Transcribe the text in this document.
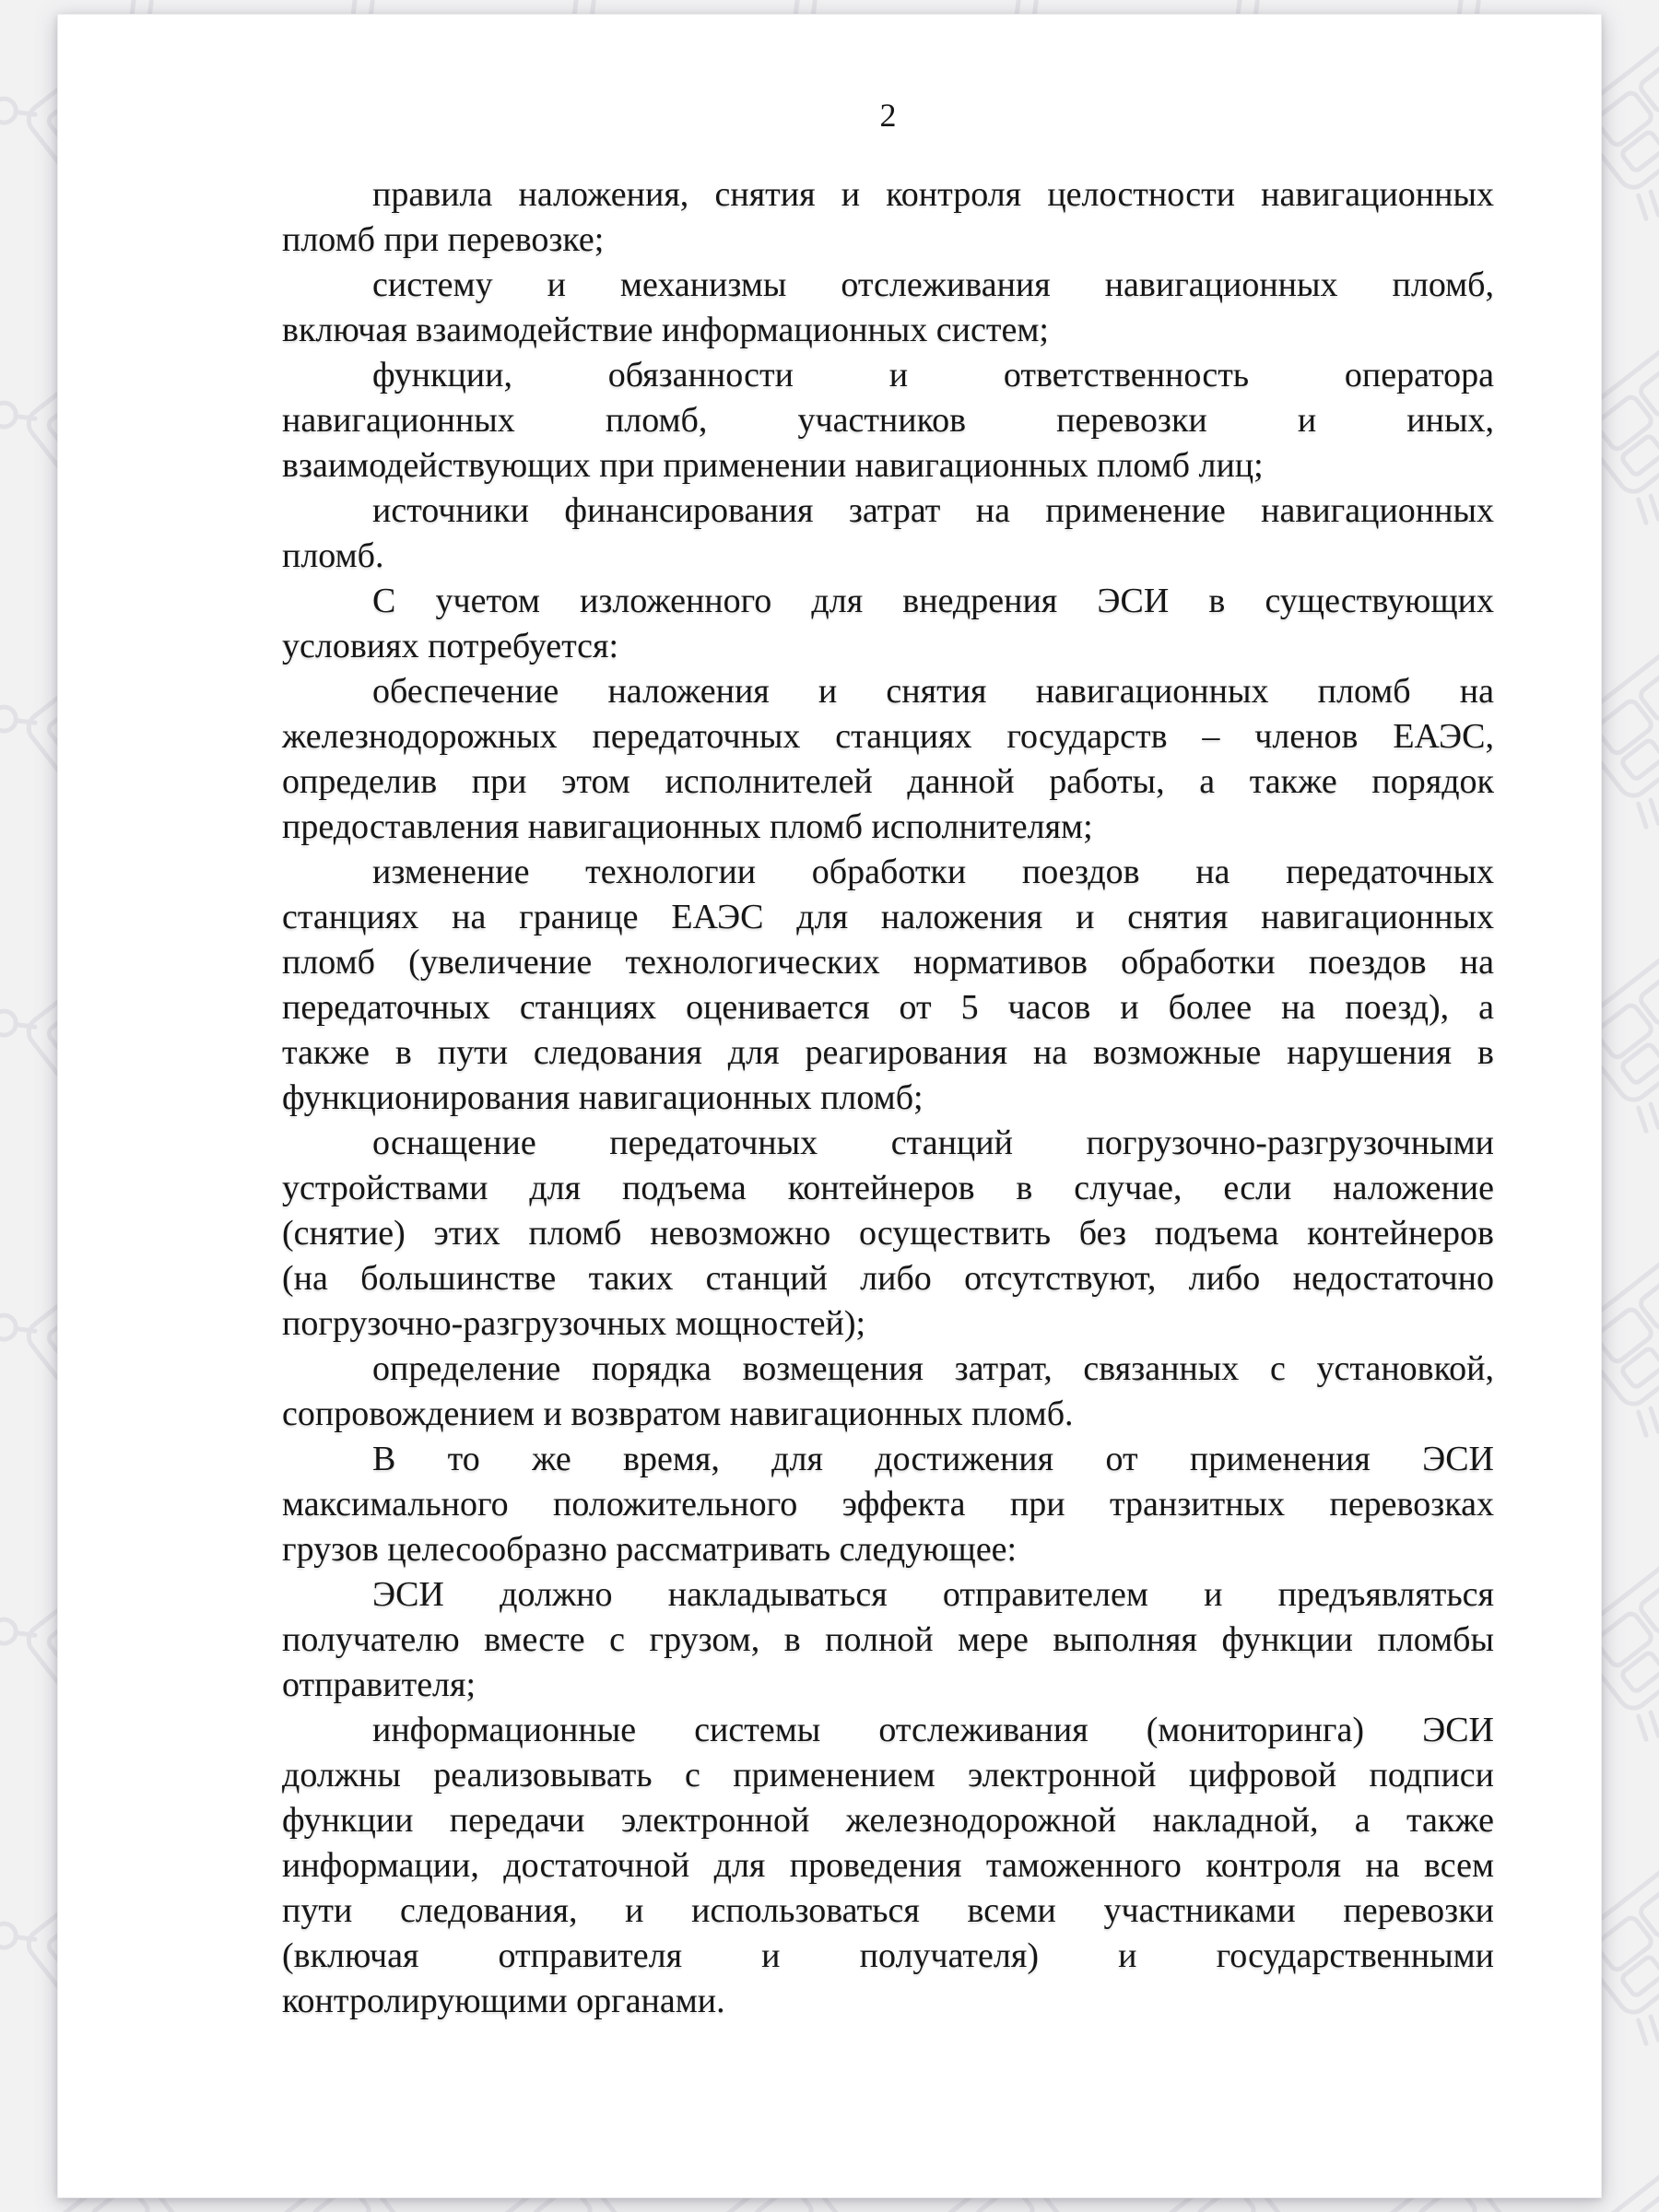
2

правила наложения, снятия и контроля целостности навигационных
пломб при перевозке;

систему и механизмы отслеживания навигационных пломб,
включая взаимодействие информационных систем;

функции, обязанности и ответственность оператора
навигационных пломб, участников перевозки и иных,
взаимодействующих при применении навигационных пломб лиц;

источники финансирования затрат на применение навигационных
пломб.

С учетом изложенного для внедрения ЭСИ в существующих
условиях потребуется:

обеспечение наложения и снятия навигационных пломб на
железнодорожных передаточных станциях государств – членов ЕАЭС,
определив при этом исполнителей данной работы, а также порядок
предоставления навигационных пломб исполнителям;

изменение технологии обработки поездов на передаточных
станциях на границе ЕАЭС для наложения и снятия навигационных
пломб (увеличение технологических нормативов обработки поездов на
передаточных станциях оценивается от 5 часов и более на поезд), а
также в пути следования для реагирования на возможные нарушения в
функционирования навигационных пломб;

оснащение передаточных станций погрузочно-разгрузочными
устройствами для подъема контейнеров в случае, если наложение
(снятие) этих пломб невозможно осуществить без подъема контейнеров
(на большинстве таких станций либо отсутствуют, либо недостаточно
погрузочно-разгрузочных мощностей);

определение порядка возмещения затрат, связанных с установкой,
сопровождением и возвратом навигационных пломб.

В то же время, для достижения от применения ЭСИ
максимального положительного эффекта при транзитных перевозках
грузов целесообразно рассматривать следующее:

ЭСИ должно накладываться отправителем и предъявляться
получателю вместе с грузом, в полной мере выполняя функции пломбы
отправителя;

информационные системы отслеживания (мониторинга) ЭСИ
должны реализовывать с применением электронной цифровой подписи
функции передачи электронной железнодорожной накладной, а также
информации, достаточной для проведения таможенного контроля на всем
пути следования, и использоваться всеми участниками перевозки
(включая отправителя и получателя) и государственными
контролирующими органами.
